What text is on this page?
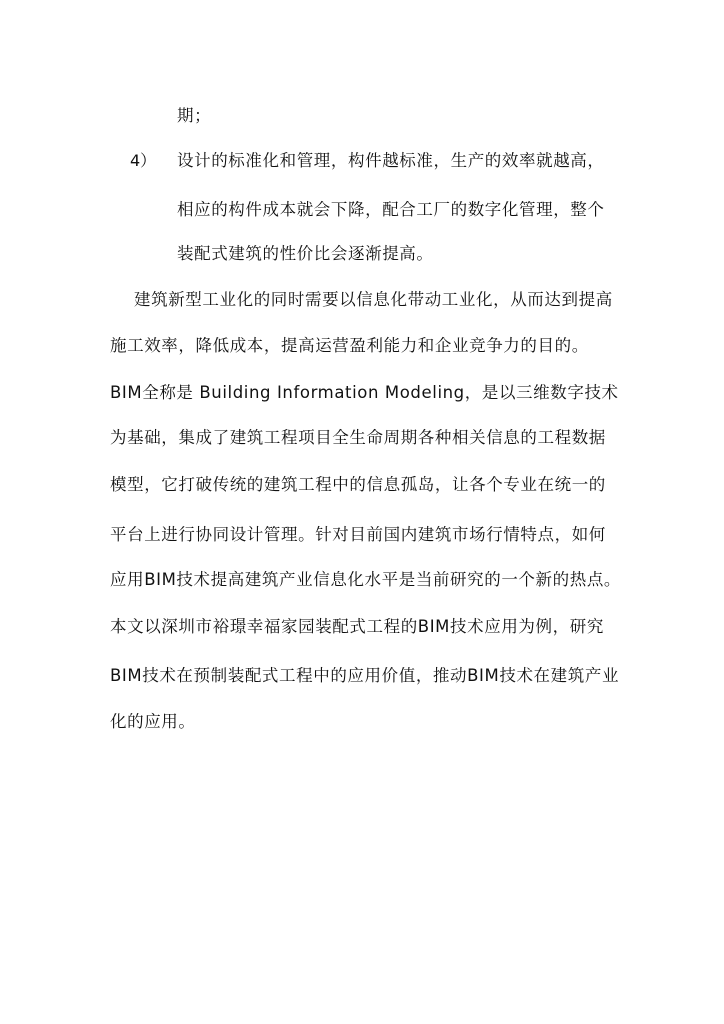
期；
4） 设计的标准化和管理，构件越标准，生产的效率就越高，
相应的构件成本就会下降，配合工厂的数字化管理，整个
装配式建筑的性价比会逐渐提高。
建筑新型工业化的同时需要以信息化带动工业化，从而达到提高
施工效率，降低成本，提高运营盈利能力和企业竞争力的目的。
BIM全称是 Building Information Modeling，是以三维数字技术
为基础，集成了建筑工程项目全生命周期各种相关信息的工程数据
模型，它打破传统的建筑工程中的信息孤岛，让各个专业在统一的
平台上进行协同设计管理。针对目前国内建筑市场行情特点，如何
应用BIM技术提高建筑产业信息化水平是当前研究的一个新的热点。
本文以深圳市裕璟幸福家园装配式工程的BIM技术应用为例，研究
BIM技术在预制装配式工程中的应用价值，推动BIM技术在建筑产业
化的应用。
